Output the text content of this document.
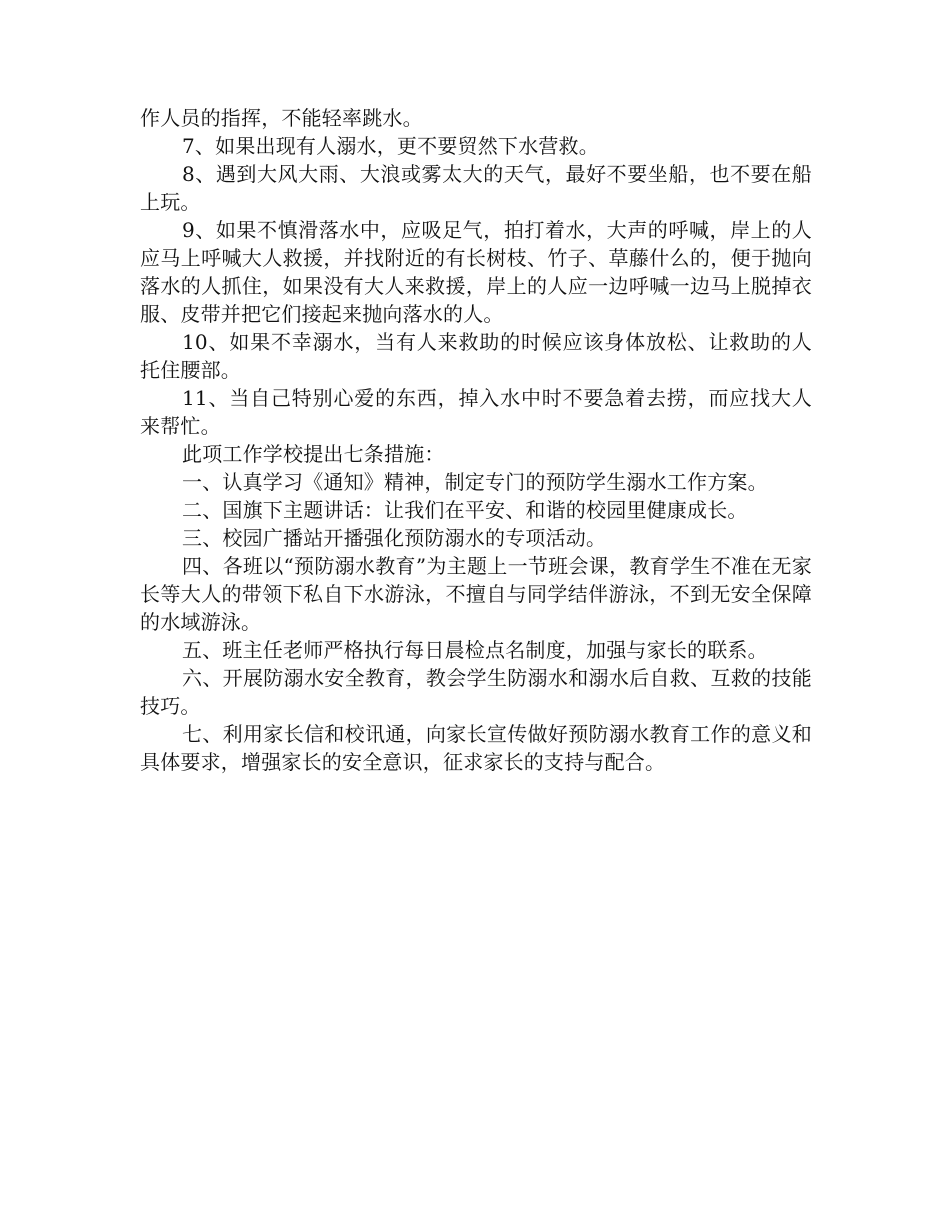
作人员的指挥，不能轻率跳水。

7、如果出现有人溺水，更不要贸然下水营救。

8、遇到大风大雨、大浪或雾太大的天气，最好不要坐船，也不要在船上玩。

9、如果不慎滑落水中，应吸足气，拍打着水，大声的呼喊，岸上的人应马上呼喊大人救援，并找附近的有长树枝、竹子、草藤什么的，便于抛向落水的人抓住，如果没有大人来救援，岸上的人应一边呼喊一边马上脱掉衣服、皮带并把它们接起来抛向落水的人。

10、如果不幸溺水，当有人来救助的时候应该身体放松、让救助的人托住腰部。

11、当自己特别心爱的东西，掉入水中时不要急着去捞，而应找大人来帮忙。

此项工作学校提出七条措施：

一、认真学习《通知》精神，制定专门的预防学生溺水工作方案。

二、国旗下主题讲话：让我们在平安、和谐的校园里健康成长。

三、校园广播站开播强化预防溺水的专项活动。

四、各班以“预防溺水教育”为主题上一节班会课，教育学生不准在无家长等大人的带领下私自下水游泳，不擅自与同学结伴游泳，不到无安全保障的水域游泳。

五、班主任老师严格执行每日晨检点名制度，加强与家长的联系。

六、开展防溺水安全教育，教会学生防溺水和溺水后自救、互救的技能技巧。

七、利用家长信和校讯通，向家长宣传做好预防溺水教育工作的意义和具体要求，增强家长的安全意识，征求家长的支持与配合。
